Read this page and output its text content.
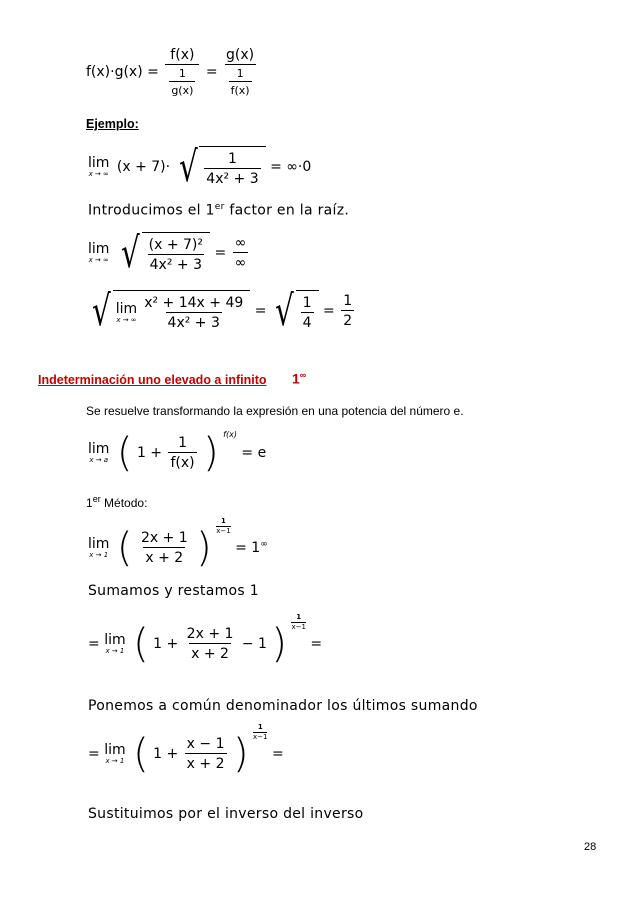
$f(x)\cdot g(x) = \frac{f(x)}{\frac{1}{g(x)}} = \frac{g(x)}{\frac{1}{f(x)}}$
Ejemplo:
lim
x → ∞ (x + 7)· √ $\frac{1}{\text{4x² + 3}} = \infty\cdot 0$
Introducimos el 1er factor en la raíz.
lim
x → ∞
√ $\frac{\text{(x + 7)²}}{\text{4x² + 3}} = \frac{\infty}{\infty}$
√ lim
x → ∞ $\frac{\text{x² + 14x + 49}}{\text{4x² + 3}}$ = √ $\frac{1}{4} = \frac{1}{2}$
Indeterminación uno elevado a infinito 1∞
Se resuelve transformando la expresión en una potencia del número e.
lim
x → a ( $1 + \frac{1}{f(x)}$ ) f(x) = e
1er Método:
lim
x → 1 ( $\frac{2x + 1}{x + 2}$ ) $\frac{1}{x-1}$
= 1∞
Sumamos y restamos 1
= lim
x → 1 ( $1 + \frac{2x + 1}{x + 2} - 1$ ) $\frac{1}{x-1}$
=
Ponemos a común denominador los últimos sumando
= lim
x → 1 ( $1 + \frac{x - 1}{x + 2}$ ) $\frac{1}{x-1}$
=
Sustituimos por el inverso del inverso
28
